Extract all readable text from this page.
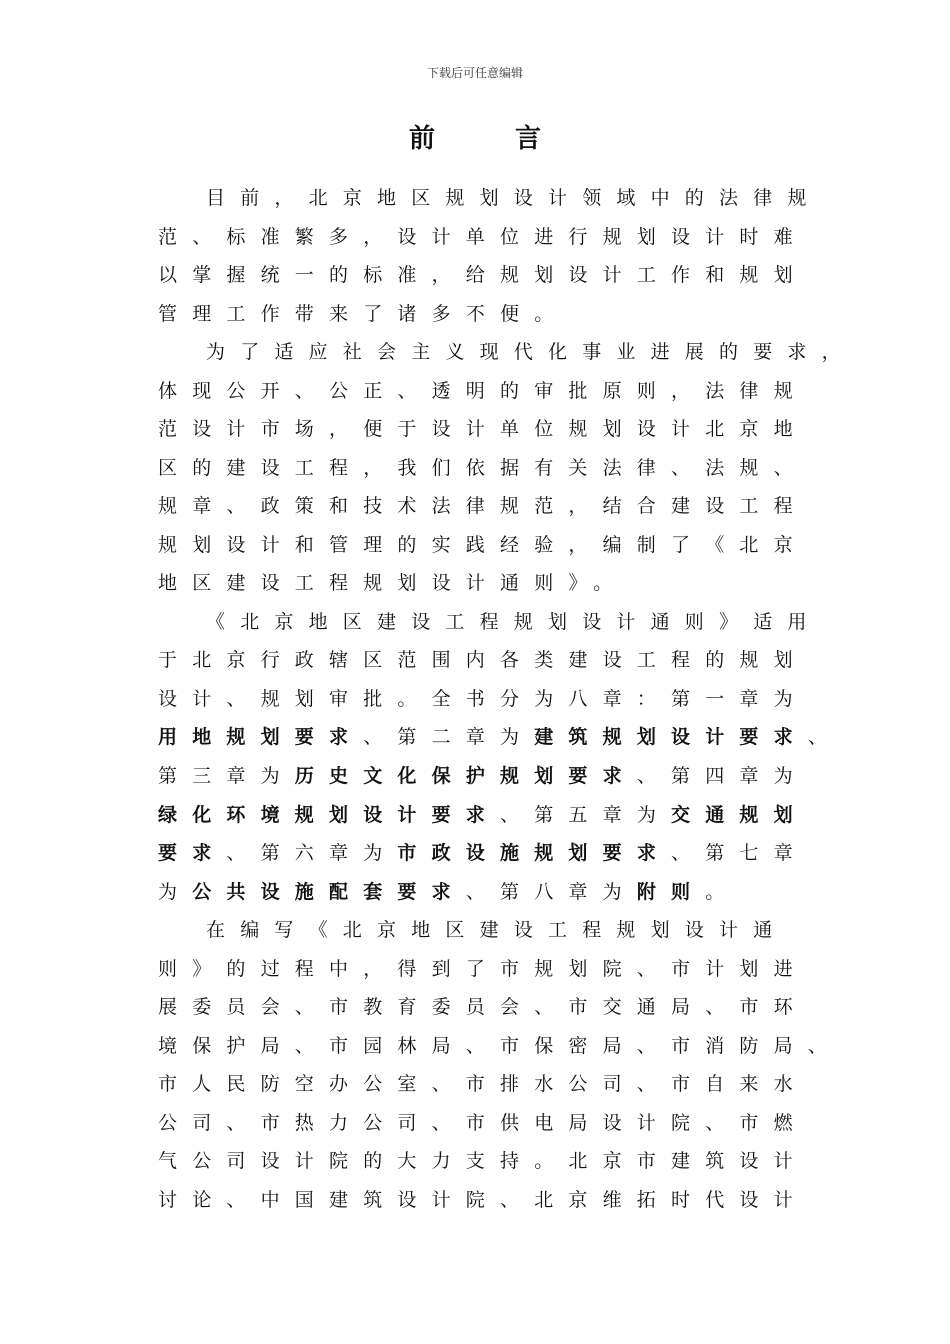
下载后可任意编辑
前	言
目前，北京地区规划设计领域中的法律规
范、标准繁多，设计单位进行规划设计时难
以掌握统一的标准，给规划设计工作和规划
管理工作带来了诸多不便。
为了适应社会主义现代化事业进展的要求，
体现公开、公正、透明的审批原则，法律规
范设计市场，便于设计单位规划设计北京地
区的建设工程，我们依据有关法律、法规、
规章、政策和技术法律规范，结合建设工程
规划设计和管理的实践经验，编制了《北京
地区建设工程规划设计通则》。
《北京地区建设工程规划设计通则》适用
于北京行政辖区范围内各类建设工程的规划
设计、规划审批。全书分为八章：第一章为
用地规划要求、第二章为建筑规划设计要求、
第三章为历史文化保护规划要求、第四章为
绿化环境规划设计要求、第五章为交通规划
要求、第六章为市政设施规划要求、第七章
为公共设施配套要求、第八章为附则。
在编写《北京地区建设工程规划设计通
则》的过程中，得到了市规划院、市计划进
展委员会、市教育委员会、市交通局、市环
境保护局、市园林局、市保密局、市消防局、
市人民防空办公室、市排水公司、市自来水
公司、市热力公司、市供电局设计院、市燃
气公司设计院的大力支持。北京市建筑设计
讨论、中国建筑设计院、北京维拓时代设计
